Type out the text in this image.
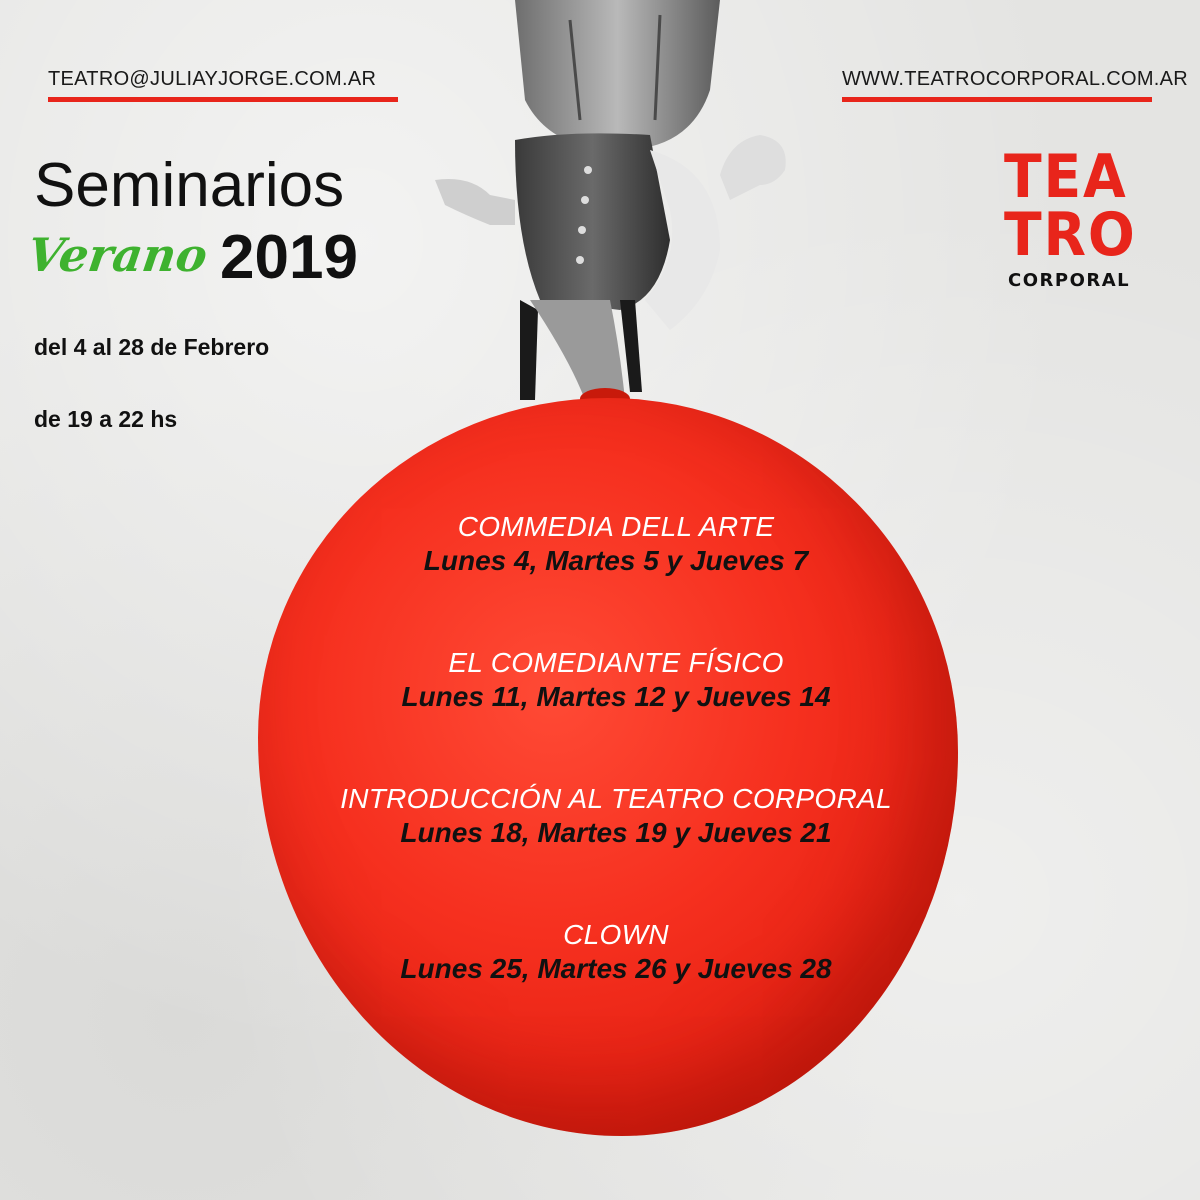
TEATRO@JULIAYJORGE.COM.AR	WWW.TEATROCORPORAL.COM.AR
Seminarios
Verano 2019
del 4 al 28 de Febrero
de 19 a 22 hs
TEA
TRO
CORPORAL
COMMEDIA DELL ARTE
Lunes 4, Martes 5 y Jueves 7
EL COMEDIANTE FÍSICO
Lunes 11, Martes 12 y Jueves 14
INTRODUCCIÓN AL TEATRO CORPORAL
Lunes 18, Martes 19 y Jueves 21
CLOWN
Lunes 25, Martes 26 y Jueves 28
